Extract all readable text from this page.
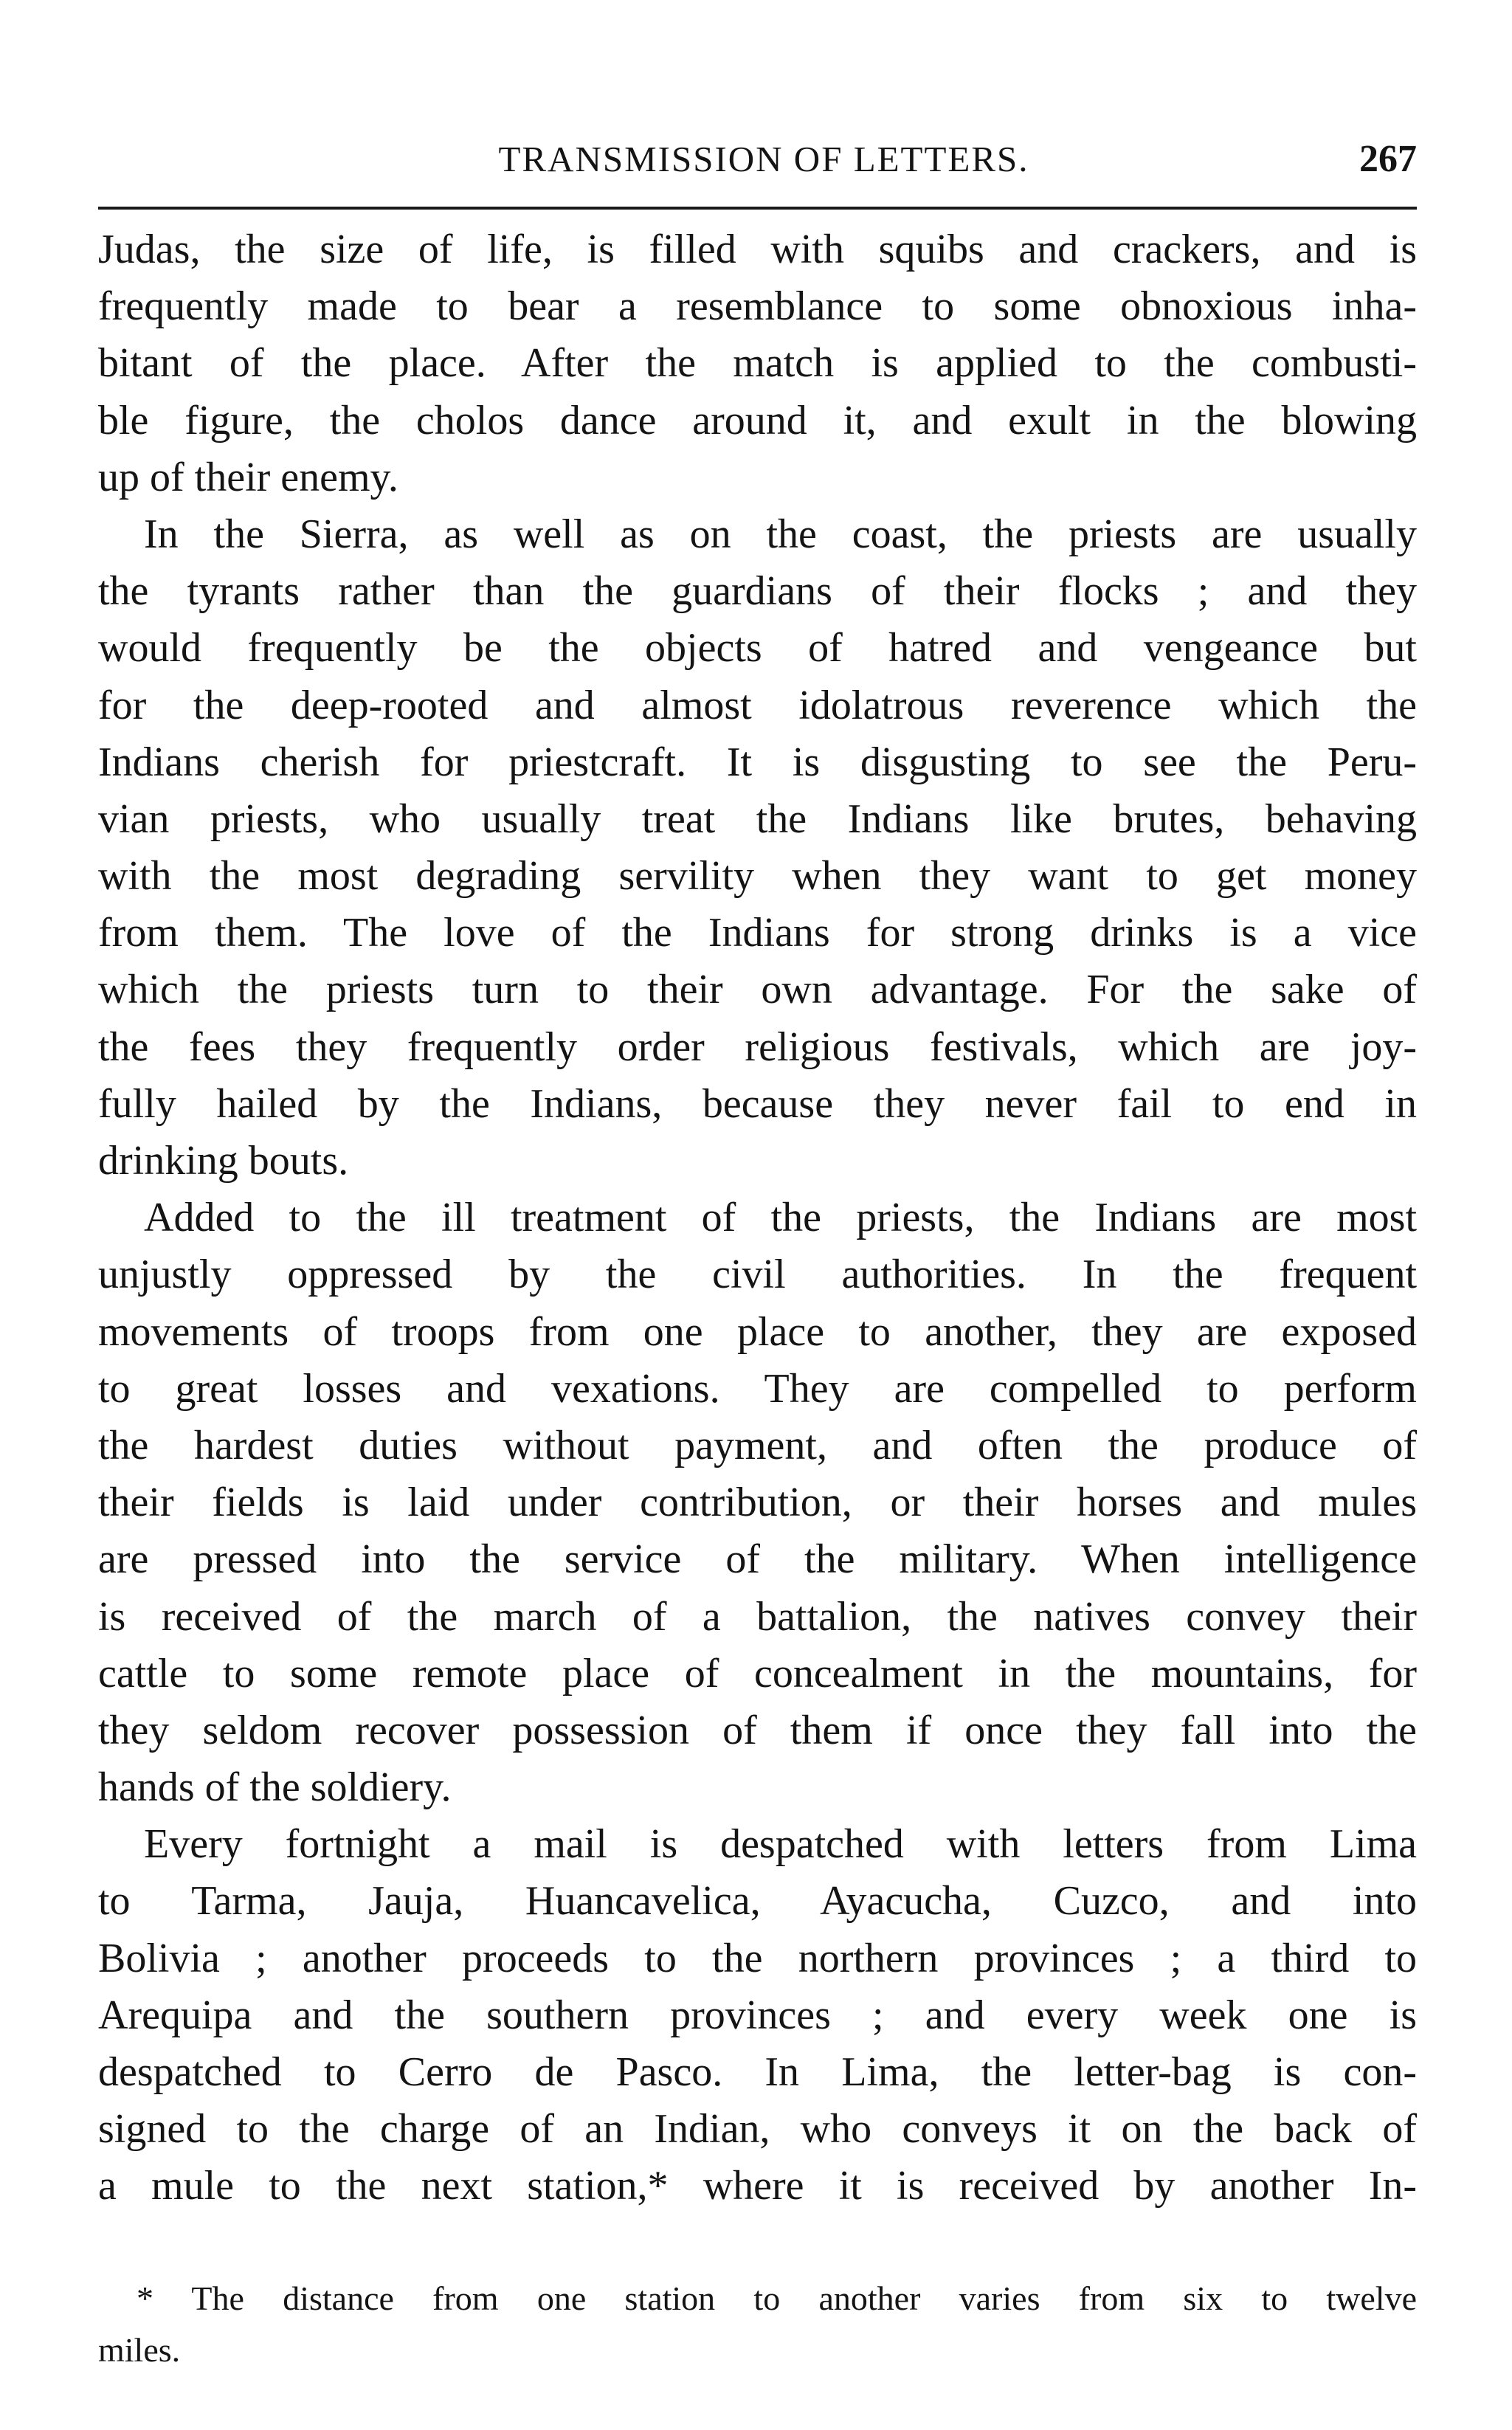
TRANSMISSION OF LETTERS.	267
Judas, the size of life, is filled with squibs and crackers, and is
frequently made to bear a resemblance to some obnoxious inha-
bitant of the place. After the match is applied to the combusti-
ble figure, the cholos dance around it, and exult in the blowing
up of their enemy.
In the Sierra, as well as on the coast, the priests are usually
the tyrants rather than the guardians of their flocks ; and they
would frequently be the objects of hatred and vengeance but
for the deep-rooted and almost idolatrous reverence which the
Indians cherish for priestcraft. It is disgusting to see the Peru-
vian priests, who usually treat the Indians like brutes, behaving
with the most degrading servility when they want to get money
from them. The love of the Indians for strong drinks is a vice
which the priests turn to their own advantage. For the sake of
the fees they frequently order religious festivals, which are joy-
fully hailed by the Indians, because they never fail to end in
drinking bouts.
Added to the ill treatment of the priests, the Indians are most
unjustly oppressed by the civil authorities. In the frequent
movements of troops from one place to another, they are exposed
to great losses and vexations. They are compelled to perform
the hardest duties without payment, and often the produce of
their fields is laid under contribution, or their horses and mules
are pressed into the service of the military. When intelligence
is received of the march of a battalion, the natives convey their
cattle to some remote place of concealment in the mountains, for
they seldom recover possession of them if once they fall into the
hands of the soldiery.
Every fortnight a mail is despatched with letters from Lima
to Tarma, Jauja, Huancavelica, Ayacucha, Cuzco, and into
Bolivia ; another proceeds to the northern provinces ; a third to
Arequipa and the southern provinces ; and every week one is
despatched to Cerro de Pasco. In Lima, the letter-bag is con-
signed to the charge of an Indian, who conveys it on the back of
a mule to the next station,* where it is received by another In-
* The distance from one station to another varies from six to twelve
miles.
